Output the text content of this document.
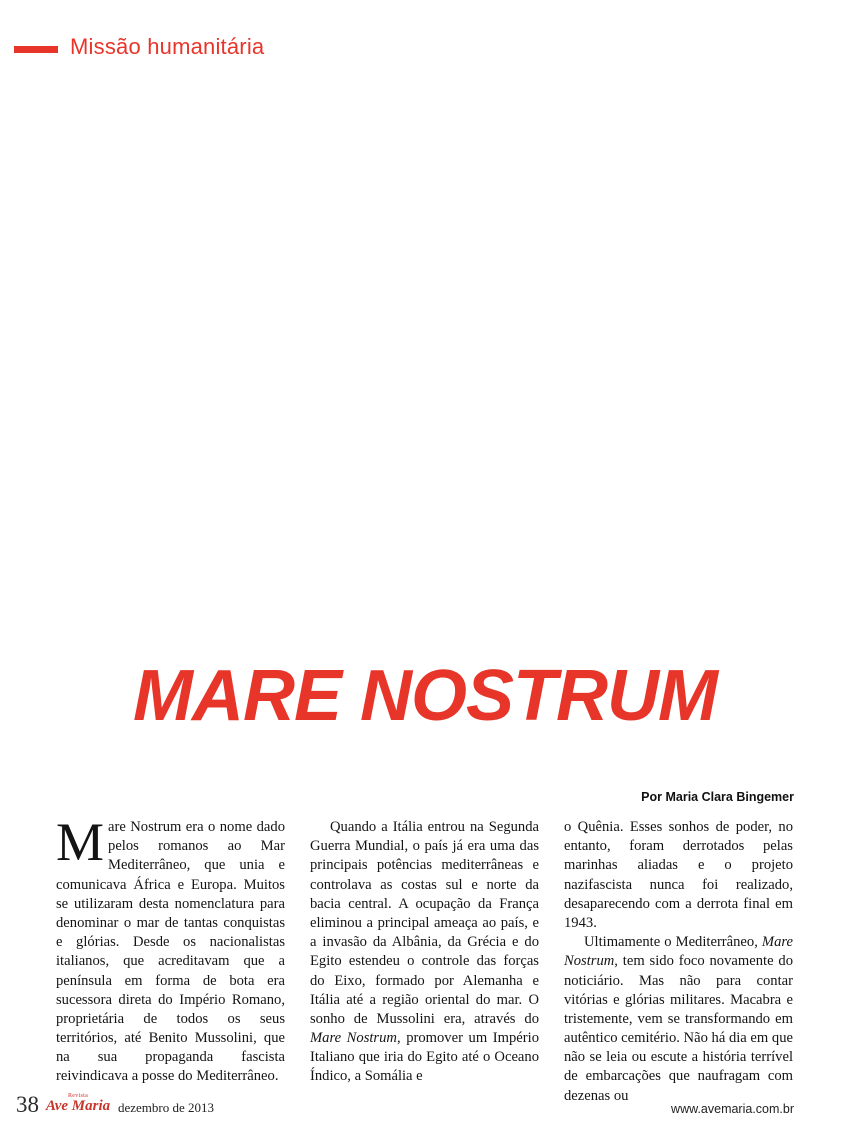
Missão humanitária
MARE NOSTRUM
Por Maria Clara Bingemer

Mare Nostrum era o nome dado pelos romanos ao Mar Mediterrâneo, que unia e comunicava África e Europa. Muitos se utilizaram desta nomenclatura para denominar o mar de tantas conquistas e glórias. Desde os nacionalistas italianos, que acreditavam que a península em forma de bota era sucessora direta do Império Romano, proprietária de todos os seus territórios, até Benito Mussolini, que na sua propaganda fascista reivindicava a posse do Mediterrâneo.

Quando a Itália entrou na Segunda Guerra Mundial, o país já era uma das principais potências mediterrâneas e controlava as costas sul e norte da bacia central. A ocupação da França eliminou a principal ameaça ao país, e a invasão da Albânia, da Grécia e do Egito estendeu o controle das forças do Eixo, formado por Alemanha e Itália até a região oriental do mar. O sonho de Mussolini era, através do Mare Nostrum, promover um Império Italiano que iria do Egito até o Oceano Índico, a Somália e

o Quênia. Esses sonhos de poder, no entanto, foram derrotados pelas marinhas aliadas e o projeto nazifascista nunca foi realizado, desaparecendo com a derrota final em 1943.

Ultimamente o Mediterrâneo, Mare Nostrum, tem sido foco novamente do noticiário. Mas não para contar vitórias e glórias militares. Macabra e tristemente, vem se transformando em autêntico cemitério. Não há dia em que não se leia ou escute a história terrível de embarcações que naufragam com dezenas ou

38	Revista
Ave Maria dezembro de 2013	www.avemaria.com.br
